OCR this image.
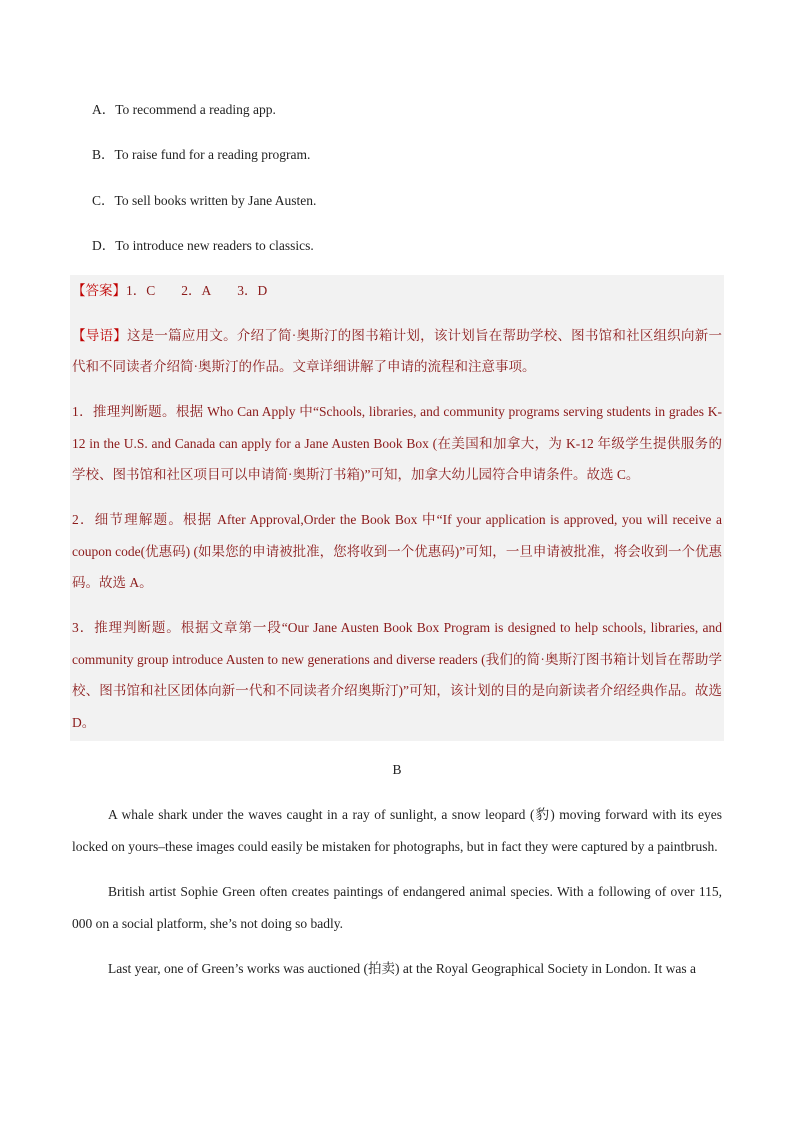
A．To recommend a reading app.
B．To raise fund for a reading program.
C．To sell books written by Jane Austen.
D．To introduce new readers to classics.

【答案】1．C 2．A 3．D

【导语】这是一篇应用文。介绍了简·奥斯汀的图书箱计划，该计划旨在帮助学校、图书馆和社区组织向新一代和不同读者介绍简·奥斯汀的作品。文章详细讲解了申请的流程和注意事项。

1．推理判断题。根据 Who Can Apply 中“Schools, libraries, and community programs serving students in grades K-12 in the U.S. and Canada can apply for a Jane Austen Book Box (在美国和加拿大，为 K-12 年级学生提供服务的学校、图书馆和社区项目可以申请简·奥斯汀书箱)”可知，加拿大幼儿园符合申请条件。故选 C。

2．细节理解题。根据 After Approval,Order the Book Box 中“If your application is approved, you will receive a coupon code(优惠码) (如果您的申请被批准，您将收到一个优惠码)”可知，一旦申请被批准，将会收到一个优惠码。故选 A。

3．推理判断题。根据文章第一段“Our Jane Austen Book Box Program is designed to help schools, libraries, and community group introduce Austen to new generations and diverse readers (我们的简·奥斯汀图书箱计划旨在帮助学校、图书馆和社区团体向新一代和不同读者介绍奥斯汀)”可知，该计划的目的是向新读者介绍经典作品。故选 D。

B

A whale shark under the waves caught in a ray of sunlight, a snow leopard (豹) moving forward with its eyes locked on yours–these images could easily be mistaken for photographs, but in fact they were captured by a paintbrush.

British artist Sophie Green often creates paintings of endangered animal species. With a following of over 115, 000 on a social platform, she’s not doing so badly.

Last year, one of Green’s works was auctioned (拍卖) at the Royal Geographical Society in London. It was a
